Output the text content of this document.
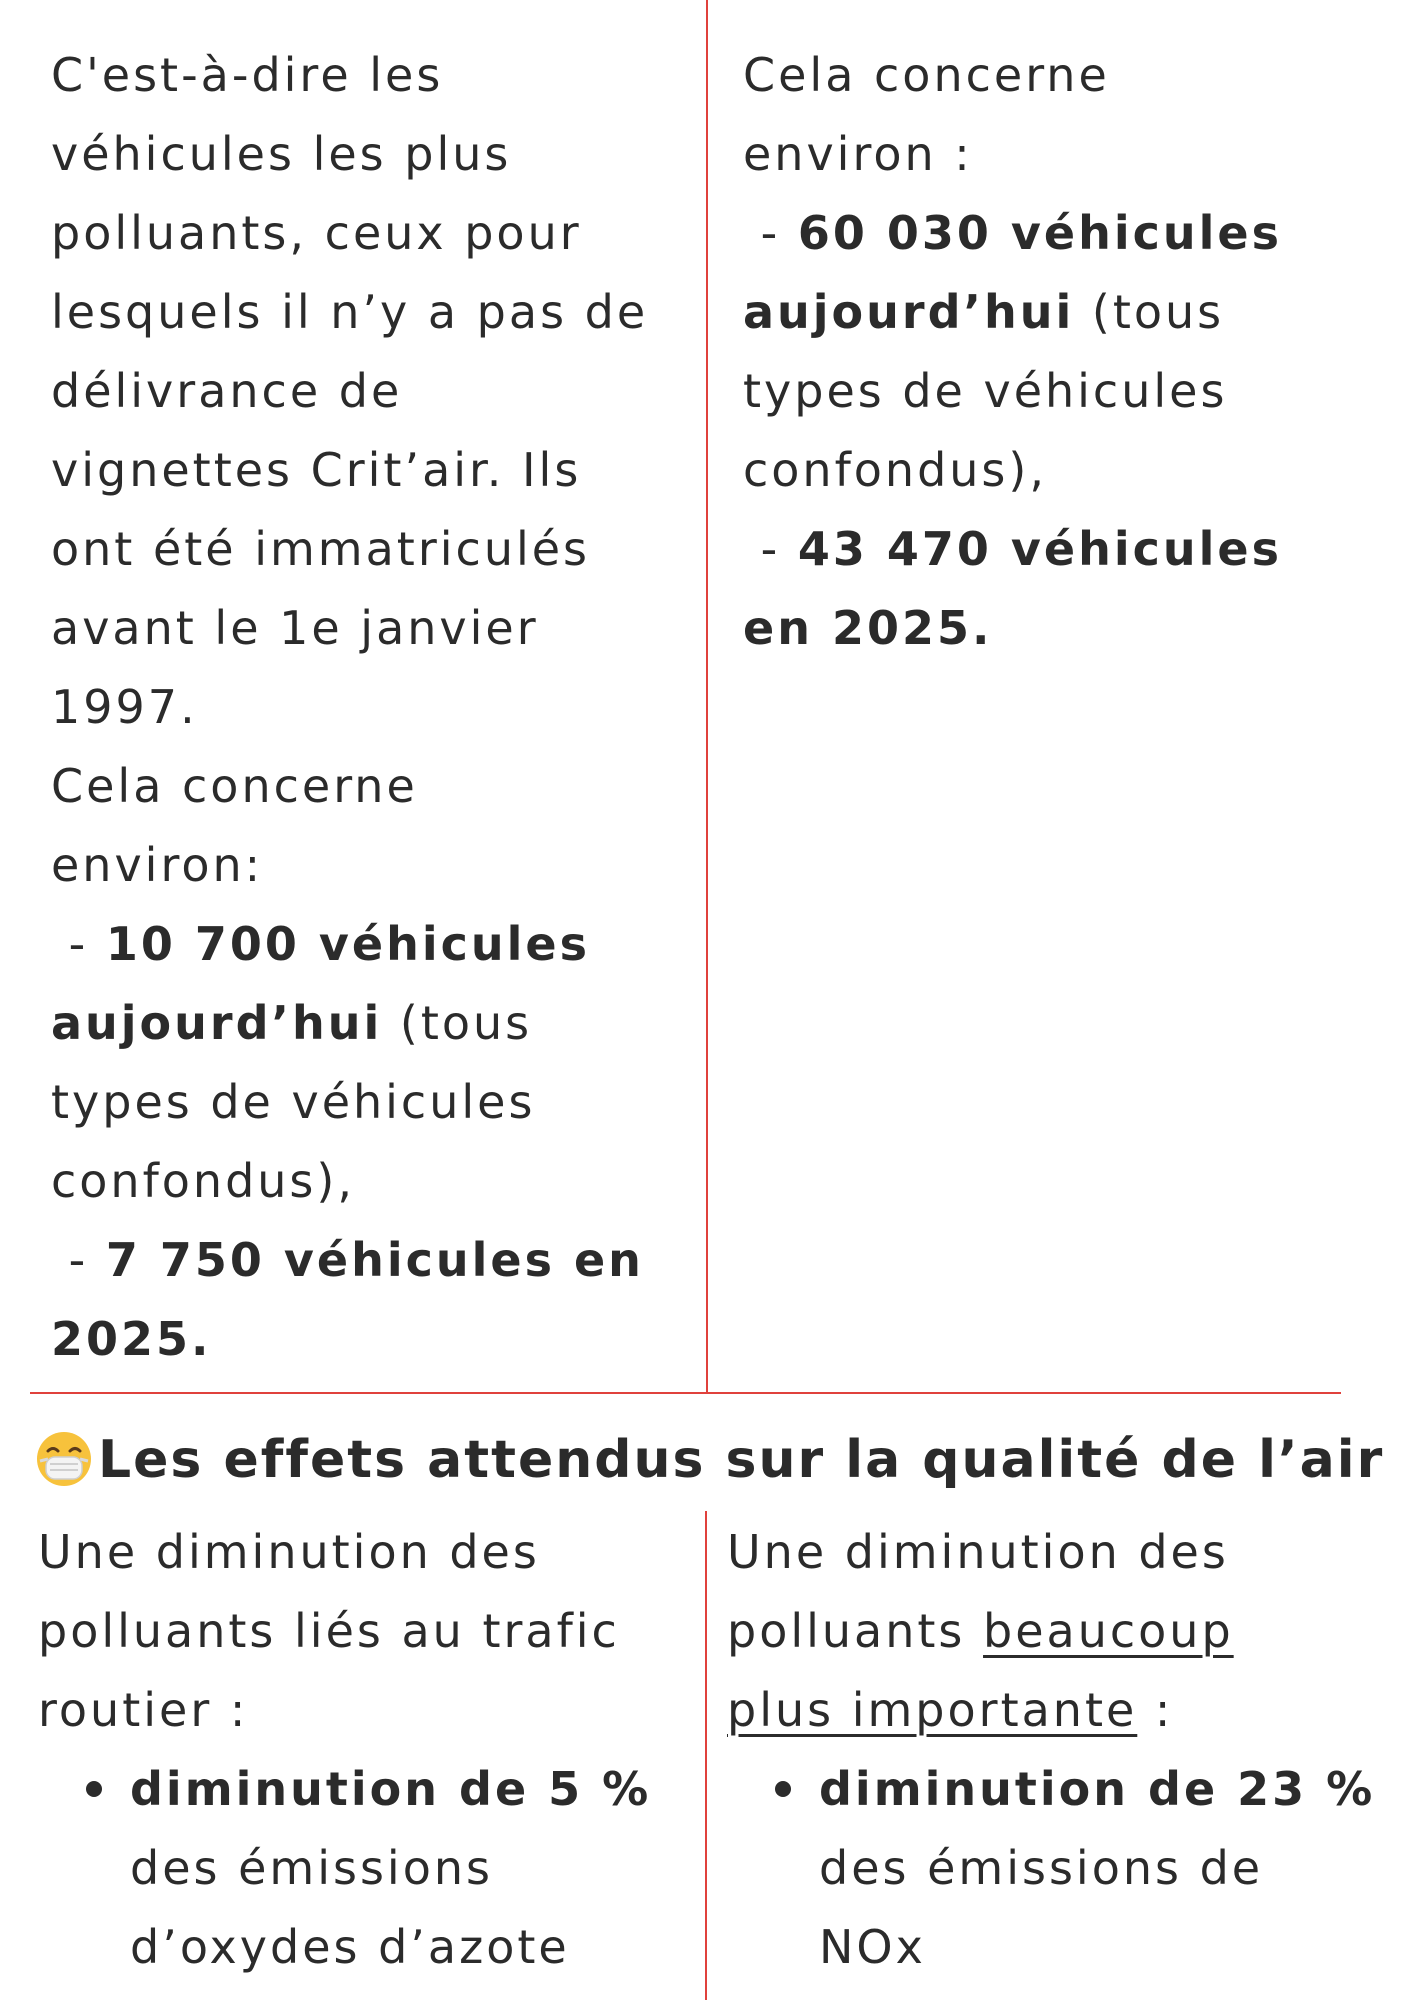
C'est-à-dire les
véhicules les plus
polluants, ceux pour
lesquels il n’y a pas de
délivrance de
vignettes Crit’air. Ils
ont été immatriculés
avant le 1e janvier
1997.
Cela concerne
environ:
- 10 700 véhicules
aujourd’hui (tous
types de véhicules
confondus),
- 7 750 véhicules en
2025.
Cela concerne
environ :
- 60 030 véhicules
aujourd’hui (tous
types de véhicules
confondus),
- 43 470 véhicules
en 2025.
Les effets attendus sur la qualité de l’air
Une diminution des
polluants liés au trafic
routier :
diminution de 5 %
des émissions
d’oxydes d’azote
Une diminution des
polluants beaucoup
plus importante :
diminution de 23 %
des émissions de
NOx
